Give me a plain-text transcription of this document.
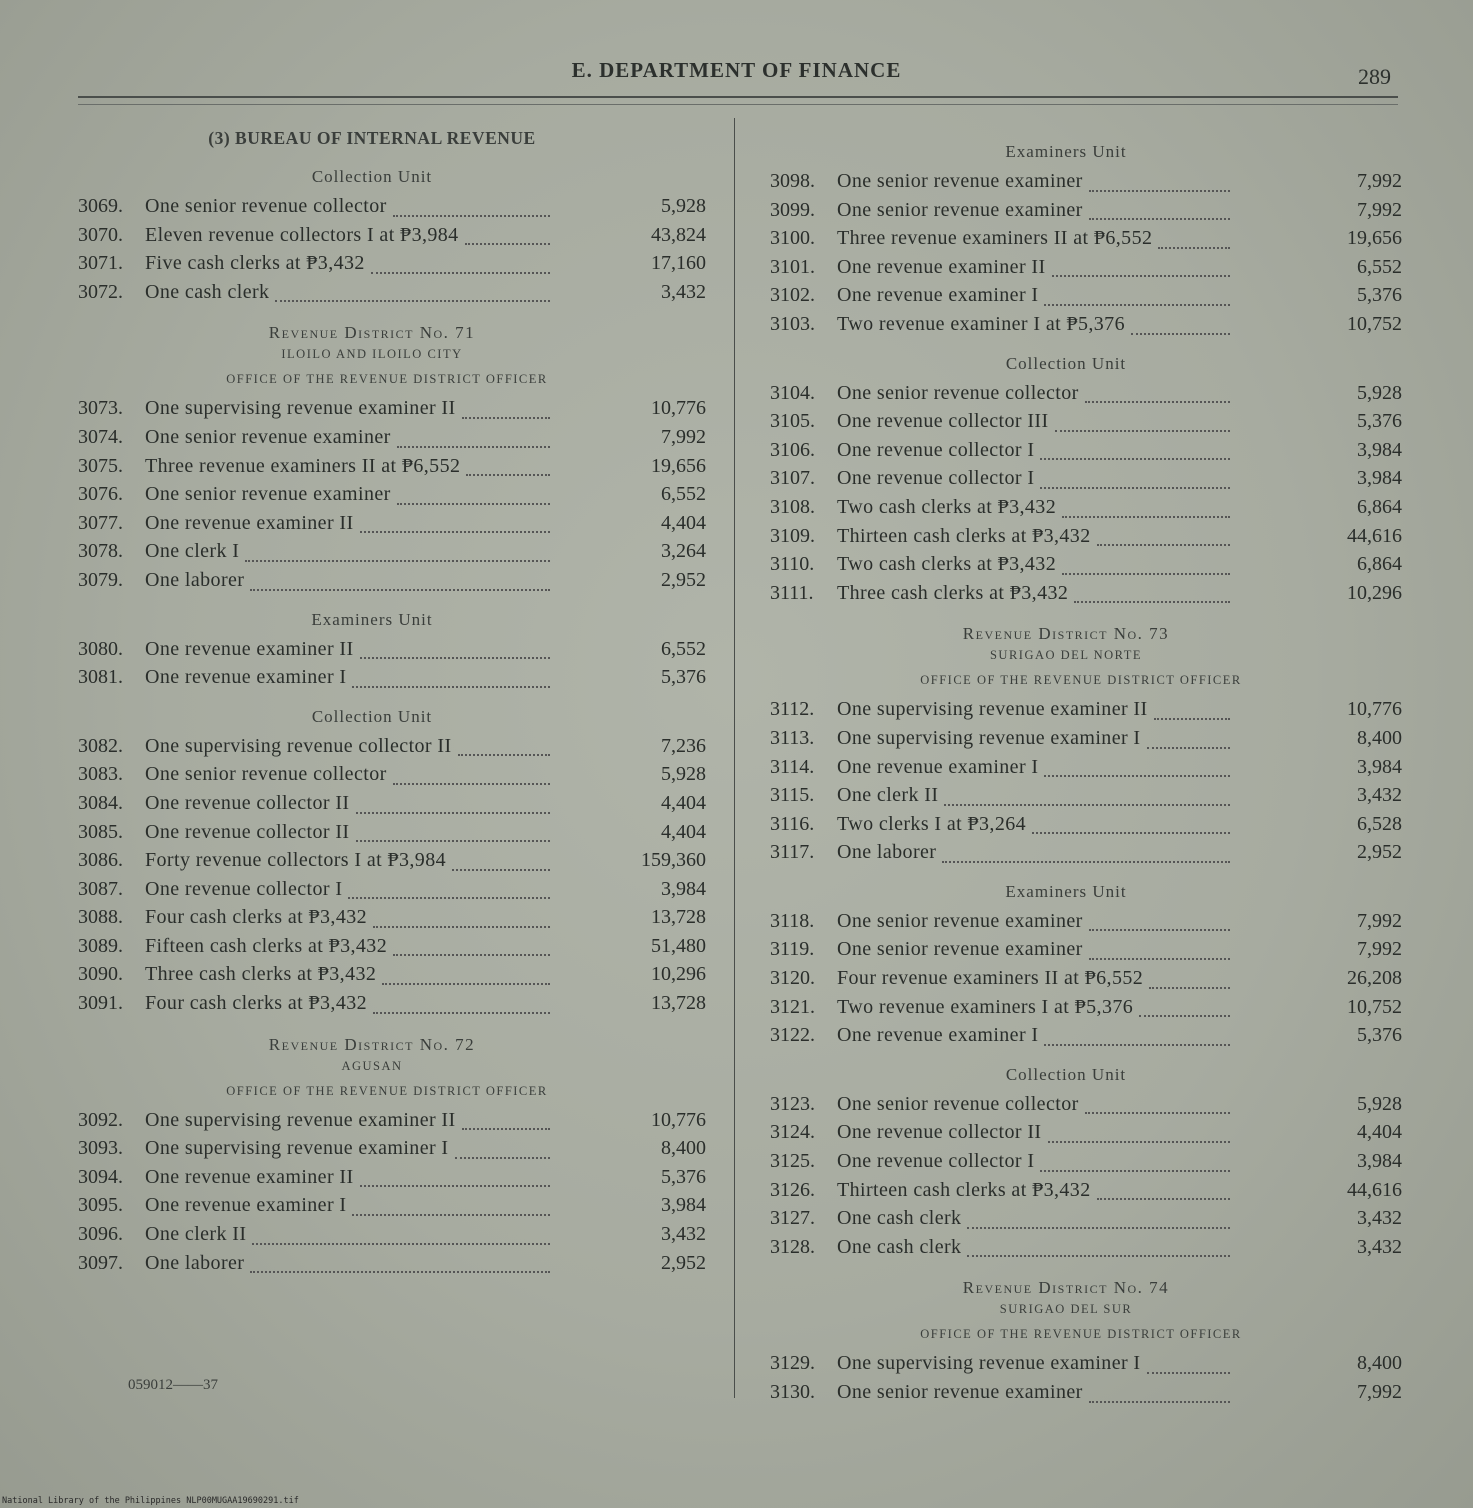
E. DEPARTMENT OF FINANCE	289
(3) BUREAU OF INTERNAL REVENUE
Collection Unit
3069.	One senior revenue collector	5,928
3070.	Eleven revenue collectors I at ₱3,984	43,824
3071.	Five cash clerks at ₱3,432	17,160
3072.	One cash clerk	3,432
Revenue District No. 71
ILOILO AND ILOILO CITY
OFFICE OF THE REVENUE DISTRICT OFFICER
3073.	One supervising revenue examiner II	10,776
3074.	One senior revenue examiner	7,992
3075.	Three revenue examiners II at ₱6,552	19,656
3076.	One senior revenue examiner	6,552
3077.	One revenue examiner II	4,404
3078.	One clerk I	3,264
3079.	One laborer	2,952
Examiners Unit
3080.	One revenue examiner II	6,552
3081.	One revenue examiner I	5,376
Collection Unit
3082.	One supervising revenue collector II	7,236
3083.	One senior revenue collector	5,928
3084.	One revenue collector II	4,404
3085.	One revenue collector II	4,404
3086.	Forty revenue collectors I at ₱3,984	159,360
3087.	One revenue collector I	3,984
3088.	Four cash clerks at ₱3,432	13,728
3089.	Fifteen cash clerks at ₱3,432	51,480
3090.	Three cash clerks at ₱3,432	10,296
3091.	Four cash clerks at ₱3,432	13,728
Revenue District No. 72
AGUSAN
OFFICE OF THE REVENUE DISTRICT OFFICER
3092.	One supervising revenue examiner II	10,776
3093.	One supervising revenue examiner I	8,400
3094.	One revenue examiner II	5,376
3095.	One revenue examiner I	3,984
3096.	One clerk II	3,432
3097.	One laborer	2,952
Examiners Unit
3098.	One senior revenue examiner	7,992
3099.	One senior revenue examiner	7,992
3100.	Three revenue examiners II at ₱6,552	19,656
3101.	One revenue examiner II	6,552
3102.	One revenue examiner I	5,376
3103.	Two revenue examiner I at ₱5,376	10,752
Collection Unit
3104.	One senior revenue collector	5,928
3105.	One revenue collector III	5,376
3106.	One revenue collector I	3,984
3107.	One revenue collector I	3,984
3108.	Two cash clerks at ₱3,432	6,864
3109.	Thirteen cash clerks at ₱3,432	44,616
3110.	Two cash clerks at ₱3,432	6,864
3111.	Three cash clerks at ₱3,432	10,296
Revenue District No. 73
SURIGAO DEL NORTE
OFFICE OF THE REVENUE DISTRICT OFFICER
3112.	One supervising revenue examiner II	10,776
3113.	One supervising revenue examiner I	8,400
3114.	One revenue examiner I	3,984
3115.	One clerk II	3,432
3116.	Two clerks I at ₱3,264	6,528
3117.	One laborer	2,952
Examiners Unit
3118.	One senior revenue examiner	7,992
3119.	One senior revenue examiner	7,992
3120.	Four revenue examiners II at ₱6,552	26,208
3121.	Two revenue examiners I at ₱5,376	10,752
3122.	One revenue examiner I	5,376
Collection Unit
3123.	One senior revenue collector	5,928
3124.	One revenue collector II	4,404
3125.	One revenue collector I	3,984
3126.	Thirteen cash clerks at ₱3,432	44,616
3127.	One cash clerk	3,432
3128.	One cash clerk	3,432
Revenue District No. 74
SURIGAO DEL SUR
OFFICE OF THE REVENUE DISTRICT OFFICER
3129.	One supervising revenue examiner I	8,400
3130.	One senior revenue examiner	7,992
059012——37
National Library of the Philippines NLP00MUGAA19690291.tif
